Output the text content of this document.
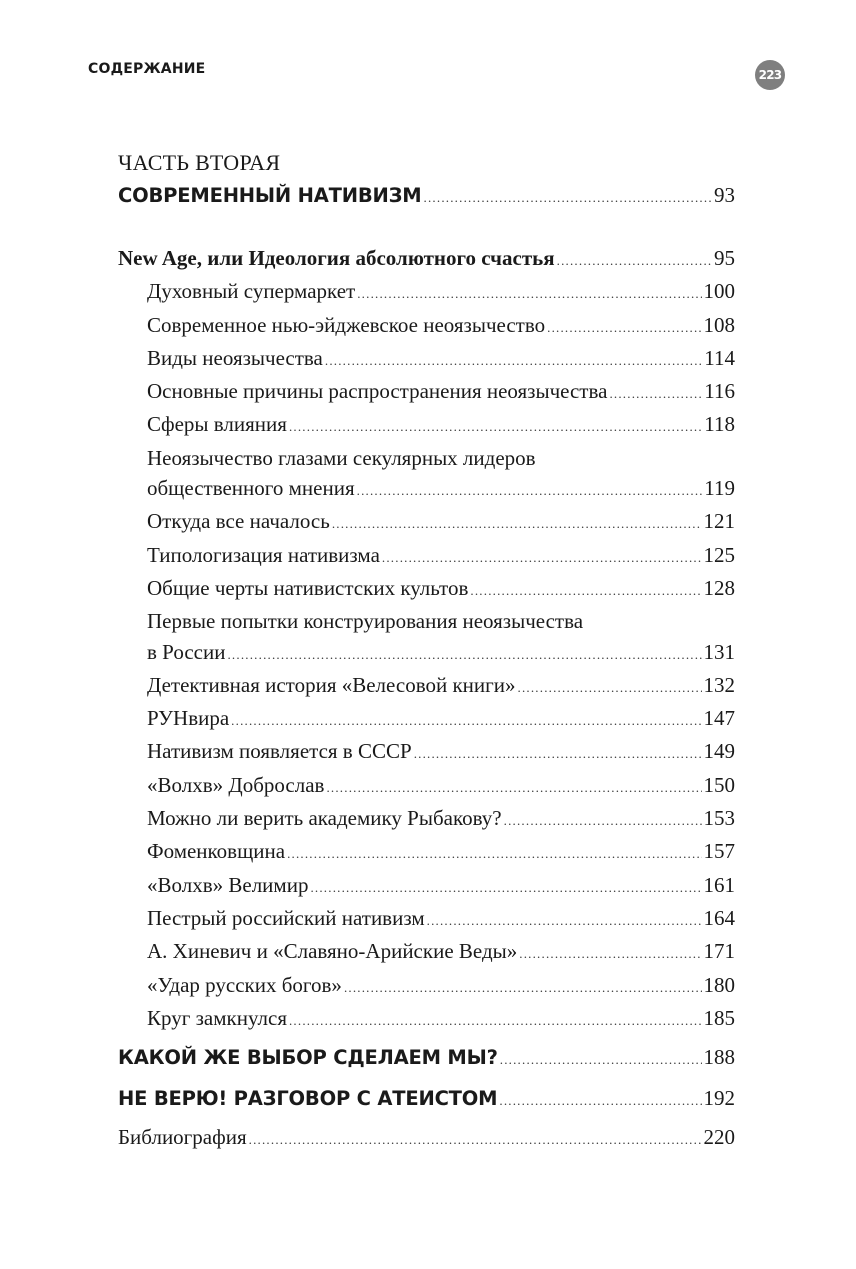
СОДЕРЖАНИЕ	223
ЧАСТЬ ВТОРАЯ
СОВРЕМЕННЫЙ НАТИВИЗМ .....	93
New Age, или Идеология абсолютного счастья .....	95
Духовный супермаркет .....	100
Современное нью-эйджевское неоязычество .....	108
Виды неоязычества .....	114
Основные причины распространения неоязычества .....	116
Сферы влияния .....	118
Неоязычество глазами секулярных лидеров
общественного мнения .....	119
Откуда все началось .....	121
Типологизация нативизма .....	125
Общие черты нативистских культов .....	128
Первые попытки конструирования неоязычества
в России .....	131
Детективная история «Велесовой книги» .....	132
РУНвира .....	147
Нативизм появляется в СССР .....	149
«Волхв» Доброслав .....	150
Можно ли верить академику Рыбакову? .....	153
Фоменковщина .....	157
«Волхв» Велимир .....	161
Пестрый российский нативизм .....	164
А. Хиневич и «Славяно-Арийские Веды» .....	171
«Удар русских богов» .....	180
Круг замкнулся .....	185
КАКОЙ ЖЕ ВЫБОР СДЕЛАЕМ МЫ? .....	188
НЕ ВЕРЮ! РАЗГОВОР С АТЕИСТОМ .....	192
Библиография .....	220
